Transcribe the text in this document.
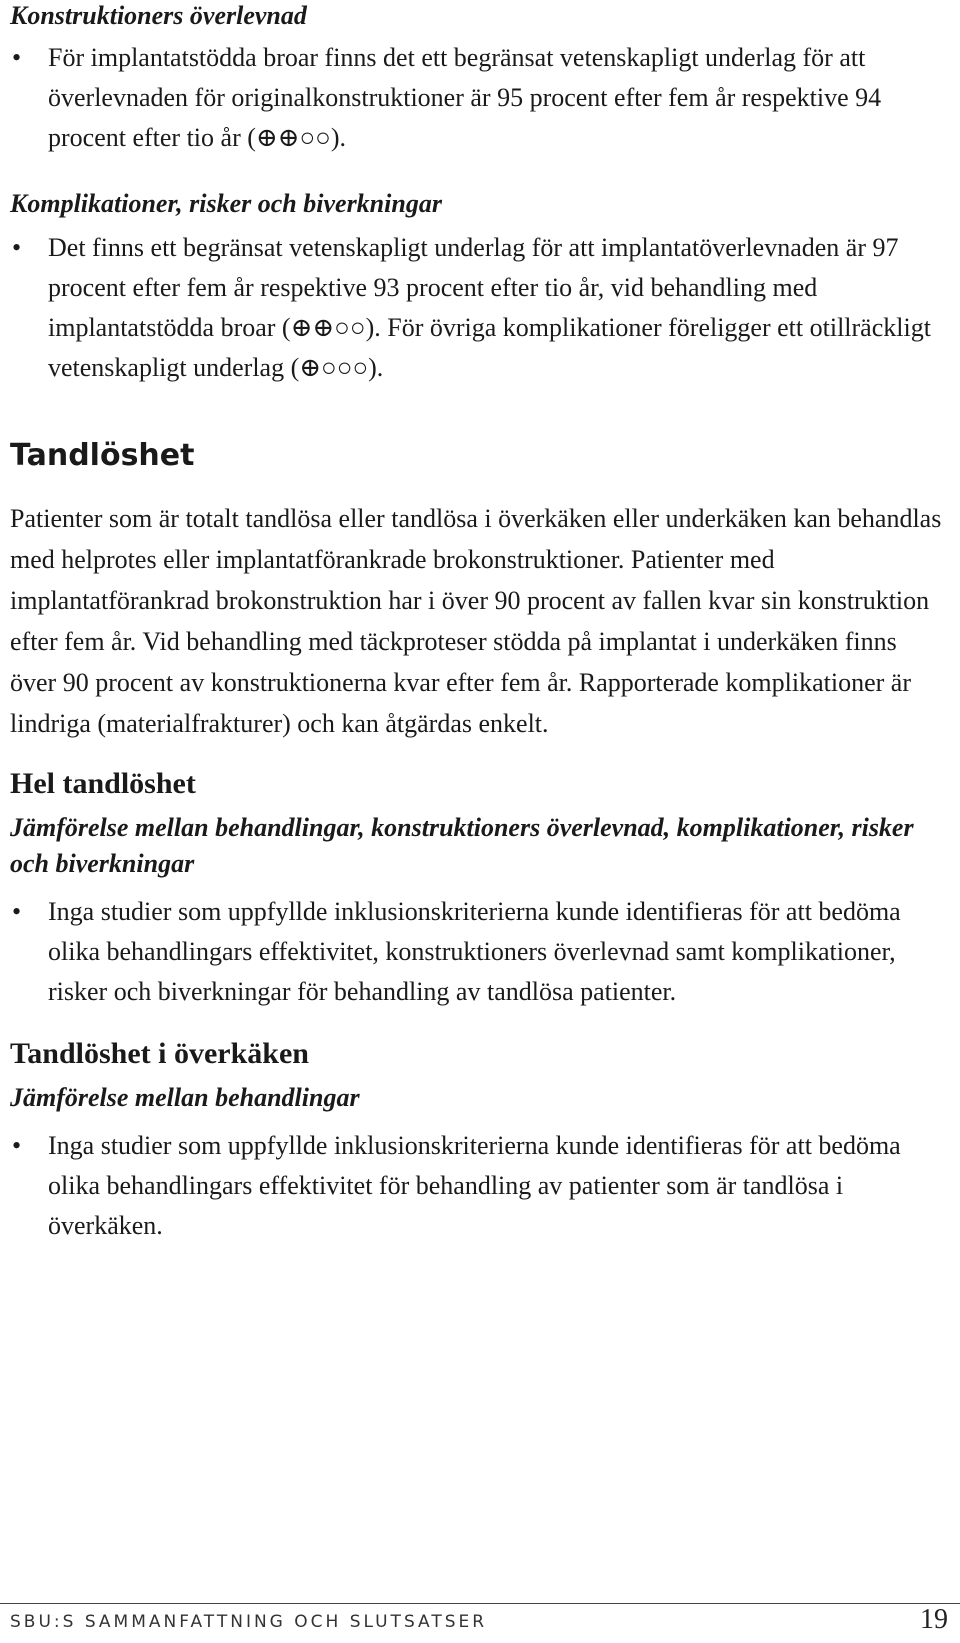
Konstruktioners överlevnad
• För implantatstödda broar finns det ett begränsat vetenskapligt underlag för att överlevnaden för originalkonstruktioner är 95 procent efter fem år respektive 94 procent efter tio år (⊕⊕○○).
Komplikationer, risker och biverkningar
• Det finns ett begränsat vetenskapligt underlag för att implantatöverlevnaden är 97 procent efter fem år respektive 93 procent efter tio år, vid behandling med implantatstödda broar (⊕⊕○○). För övriga komplikationer föreligger ett otillräckligt vetenskapligt underlag (⊕○○○).
Tandlöshet

Patienter som är totalt tandlösa eller tandlösa i överkäken eller underkäken kan behandlas med helprotes eller implantatförankrade brokonstruktioner. Patienter med implantatförankrad brokonstruktion har i över 90 procent av fallen kvar sin konstruktion efter fem år. Vid behandling med täckproteser stödda på implantat i underkäken finns över 90 procent av konstruktionerna kvar efter fem år. Rapporterade komplikationer är lindriga (materialfrakturer) och kan åtgärdas enkelt.

Hel tandlöshet
Jämförelse mellan behandlingar, konstruktioners överlevnad, komplikationer, risker och biverkningar
• Inga studier som uppfyllde inklusionskriterierna kunde identifieras för att bedöma olika behandlingars effektivitet, konstruktioners överlevnad samt komplikationer, risker och biverkningar för behandling av tandlösa patienter.
Tandlöshet i överkäken
Jämförelse mellan behandlingar
• Inga studier som uppfyllde inklusionskriterierna kunde identifieras för att bedöma olika behandlingars effektivitet för behandling av patienter som är tandlösa i överkäken.
SBU:S SAMMANFATTNING OCH SLUTSATSER	19
